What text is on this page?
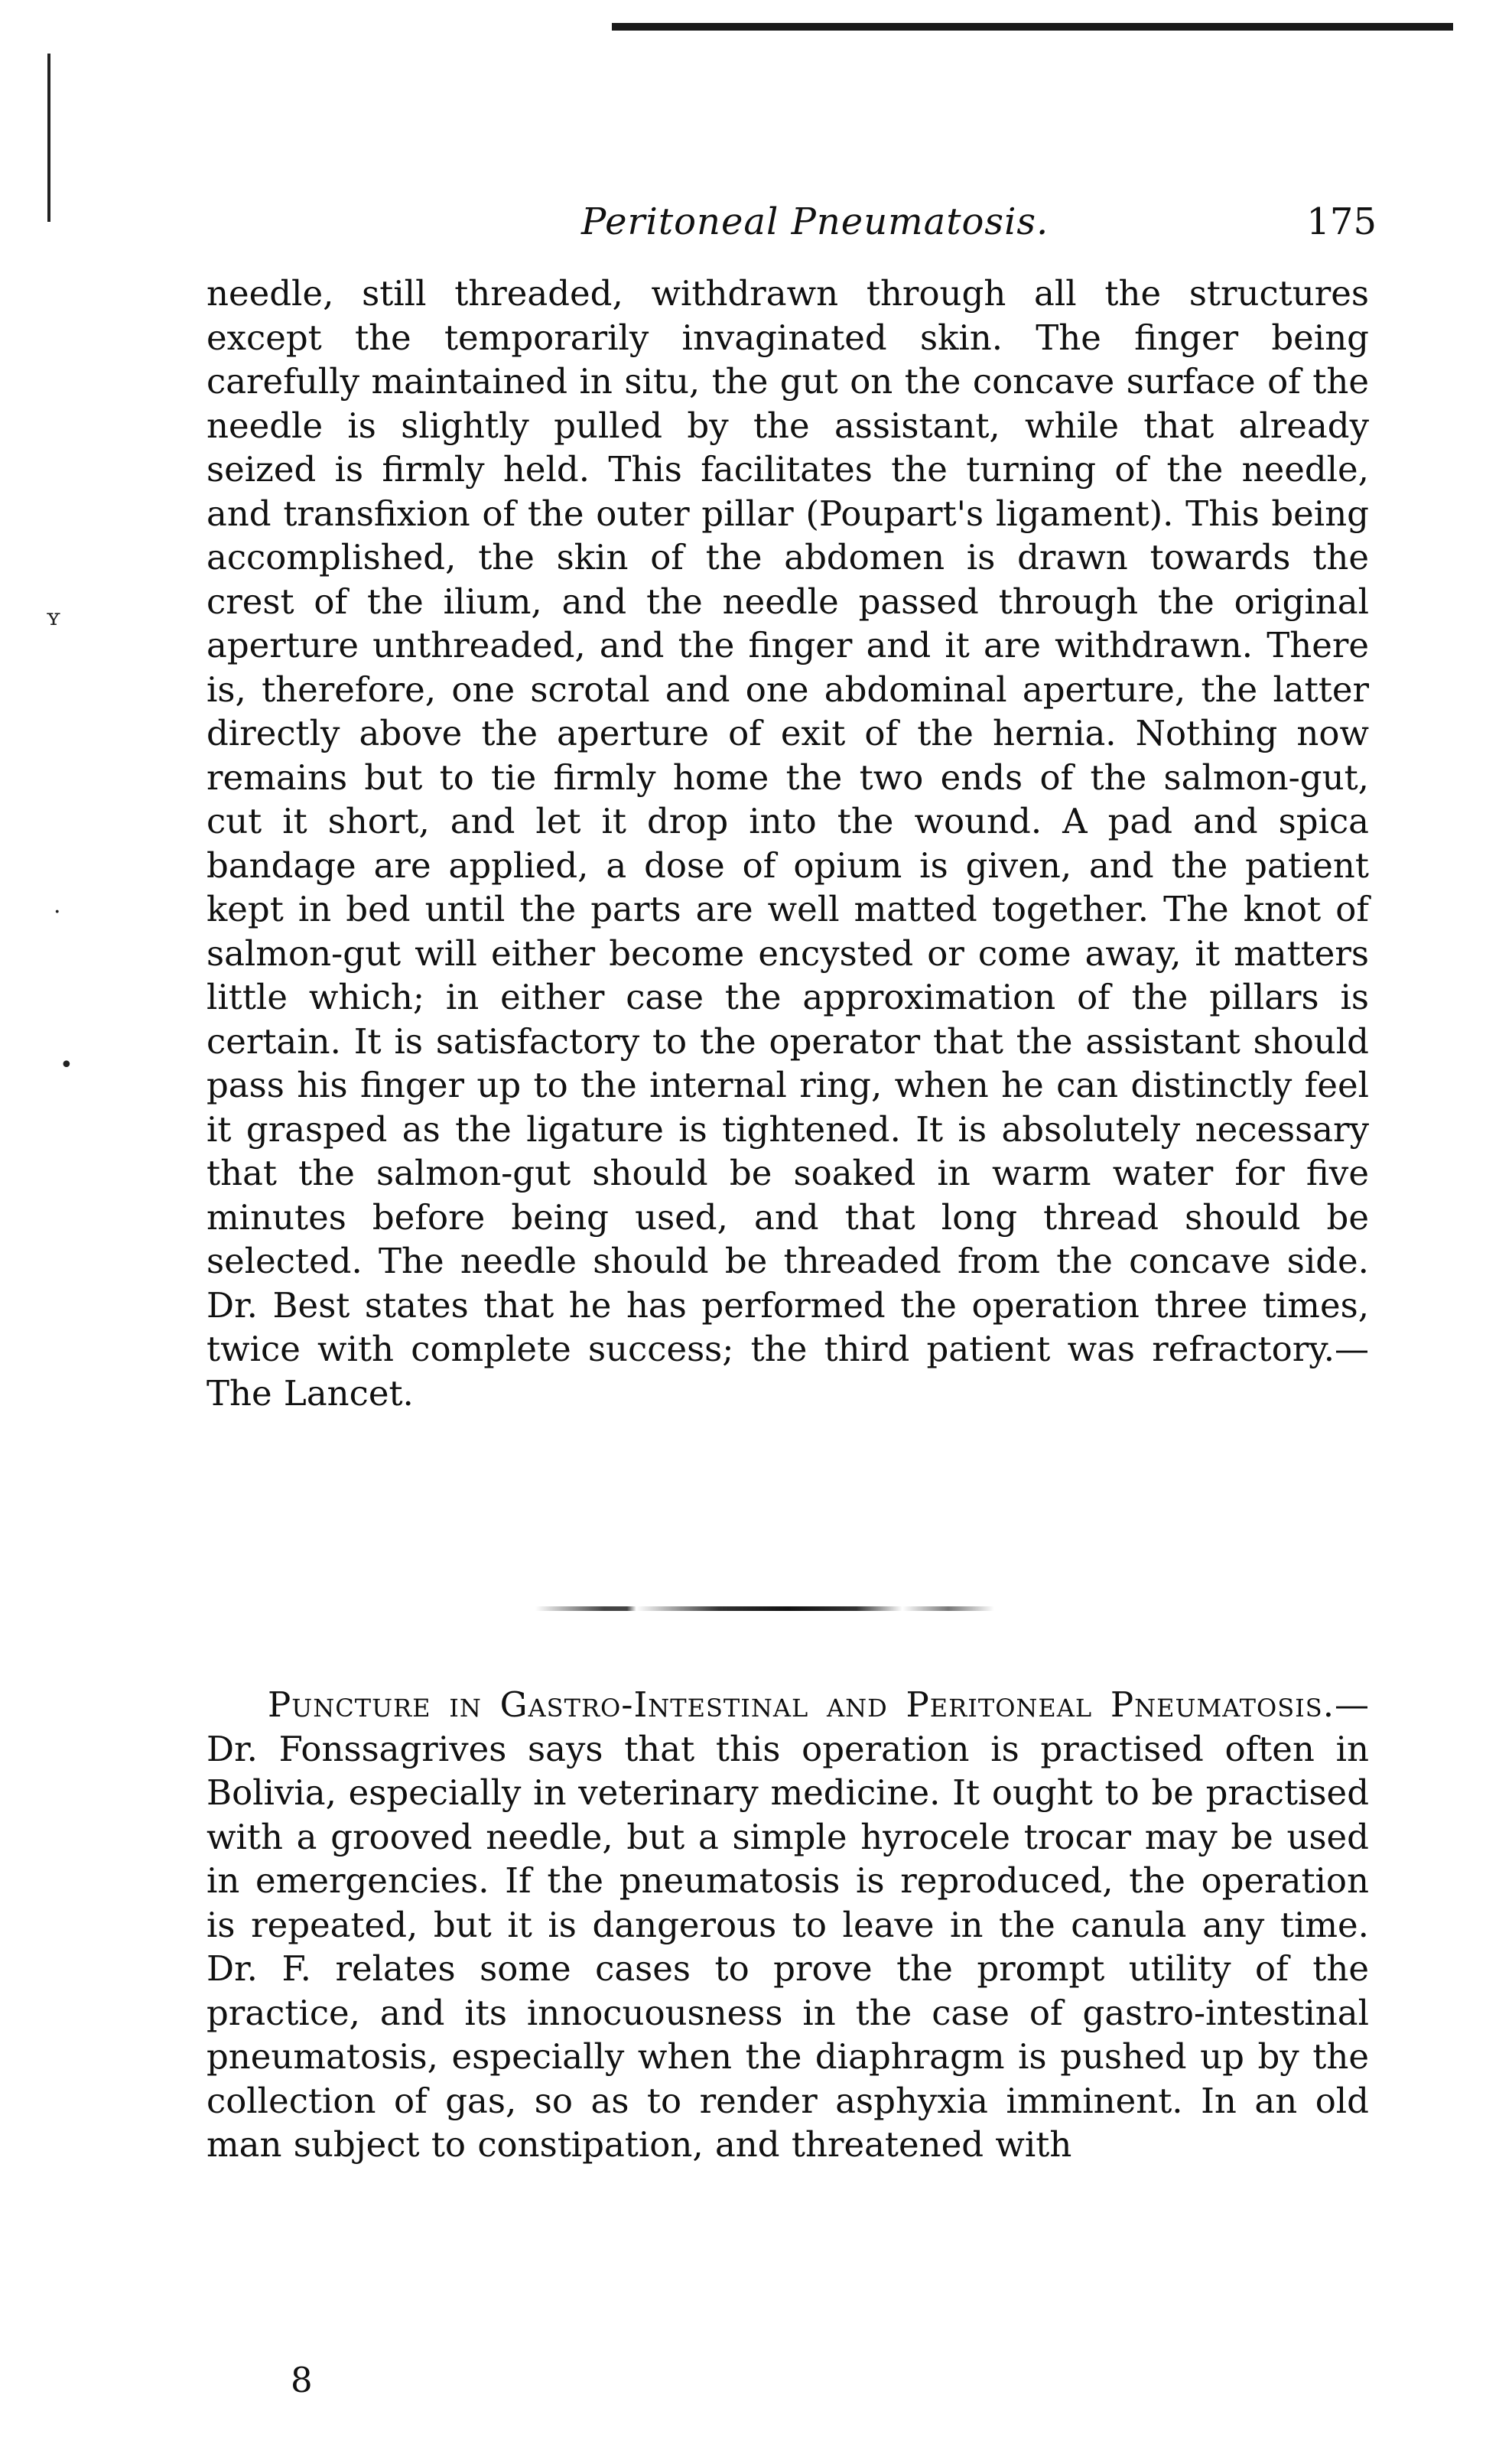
ʏ
·
•
Peritoneal Pneumatosis.	175
needle, still threaded, withdrawn through all the structures except the temporarily invaginated skin. The finger being carefully maintained in situ, the gut on the concave surface of the needle is slightly pulled by the assistant, while that already seized is firmly held. This facilitates the turning of the needle, and transfixion of the outer pillar (Poupart's ligament). This being accomplished, the skin of the abdomen is drawn towards the crest of the ilium, and the needle passed through the original aperture unthreaded, and the finger and it are withdrawn. There is, therefore, one scrotal and one abdominal aperture, the latter directly above the aperture of exit of the hernia. Nothing now remains but to tie firmly home the two ends of the salmon-gut, cut it short, and let it drop into the wound. A pad and spica bandage are applied, a dose of opium is given, and the patient kept in bed until the parts are well matted together. The knot of salmon-gut will either become encysted or come away, it matters little which; in either case the approximation of the pillars is certain. It is satisfactory to the operator that the assistant should pass his finger up to the internal ring, when he can distinctly feel it grasped as the ligature is tightened. It is absolutely necessary that the salmon-gut should be soaked in warm water for five minutes before being used, and that long thread should be selected. The needle should be threaded from the concave side. Dr. Best states that he has performed the operation three times, twice with complete success; the third patient was refractory.—The Lancet.
Puncture in Gastro-Intestinal and Peritoneal Pneumatosis.—Dr. Fonssagrives says that this operation is practised often in Bolivia, especially in veterinary medicine. It ought to be practised with a grooved needle, but a simple hyrocele trocar may be used in emergencies. If the pneumatosis is reproduced, the operation is repeated, but it is dangerous to leave in the canula any time. Dr. F. relates some cases to prove the prompt utility of the practice, and its innocuousness in the case of gastro-intestinal pneumatosis, especially when the diaphragm is pushed up by the collection of gas, so as to render asphyxia imminent. In an old man subject to constipation, and threatened with
8
